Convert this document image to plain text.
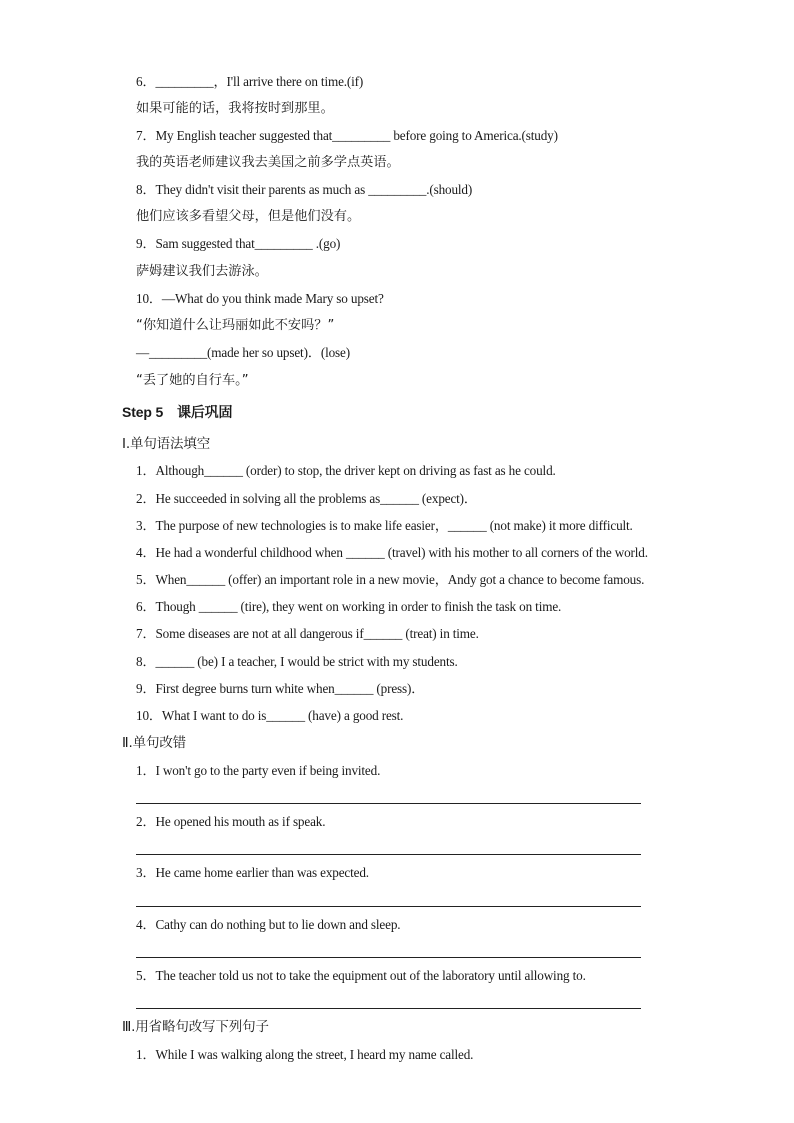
6．_________，I'll arrive there on time.(if)
如果可能的话，我将按时到那里。
7．My English teacher suggested that_________ before going to America.(study)
我的英语老师建议我去美国之前多学点英语。
8．They didn't visit their parents as much as _________.(should)
他们应该多看望父母，但是他们没有。
9．Sam suggested that_________ .(go)
萨姆建议我们去游泳。
10．—What do you think made Mary so upset?
“你知道什么让玛丽如此不安吗？”
—_________(made her so upset)．(lose)
“丢了她的自行车。”
Step 5　课后巩固
Ⅰ.单句语法填空
1．Although______ (order) to stop, the driver kept on driving as fast as he could.
2．He succeeded in solving all the problems as______ (expect)．
3．The purpose of new technologies is to make life easier，______ (not make) it more difficult.
4．He had a wonderful childhood when ______ (travel) with his mother to all corners of the world.
5．When______ (offer) an important role in a new movie，Andy got a chance to become famous.
6．Though ______ (tire), they went on working in order to finish the task on time.
7．Some diseases are not at all dangerous if______ (treat) in time.
8．______ (be) I a teacher, I would be strict with my students.
9．First degree burns turn white when______ (press)．
10．What I want to do is______ (have) a good rest.
Ⅱ.单句改错
1．I won't go to the party even if being invited.
2．He opened his mouth as if speak.
3．He came home earlier than was expected.
4．Cathy can do nothing but to lie down and sleep.
5．The teacher told us not to take the equipment out of the laboratory until allowing to.
Ⅲ.用省略句改写下列句子
1．While I was walking along the street, I heard my name called.
